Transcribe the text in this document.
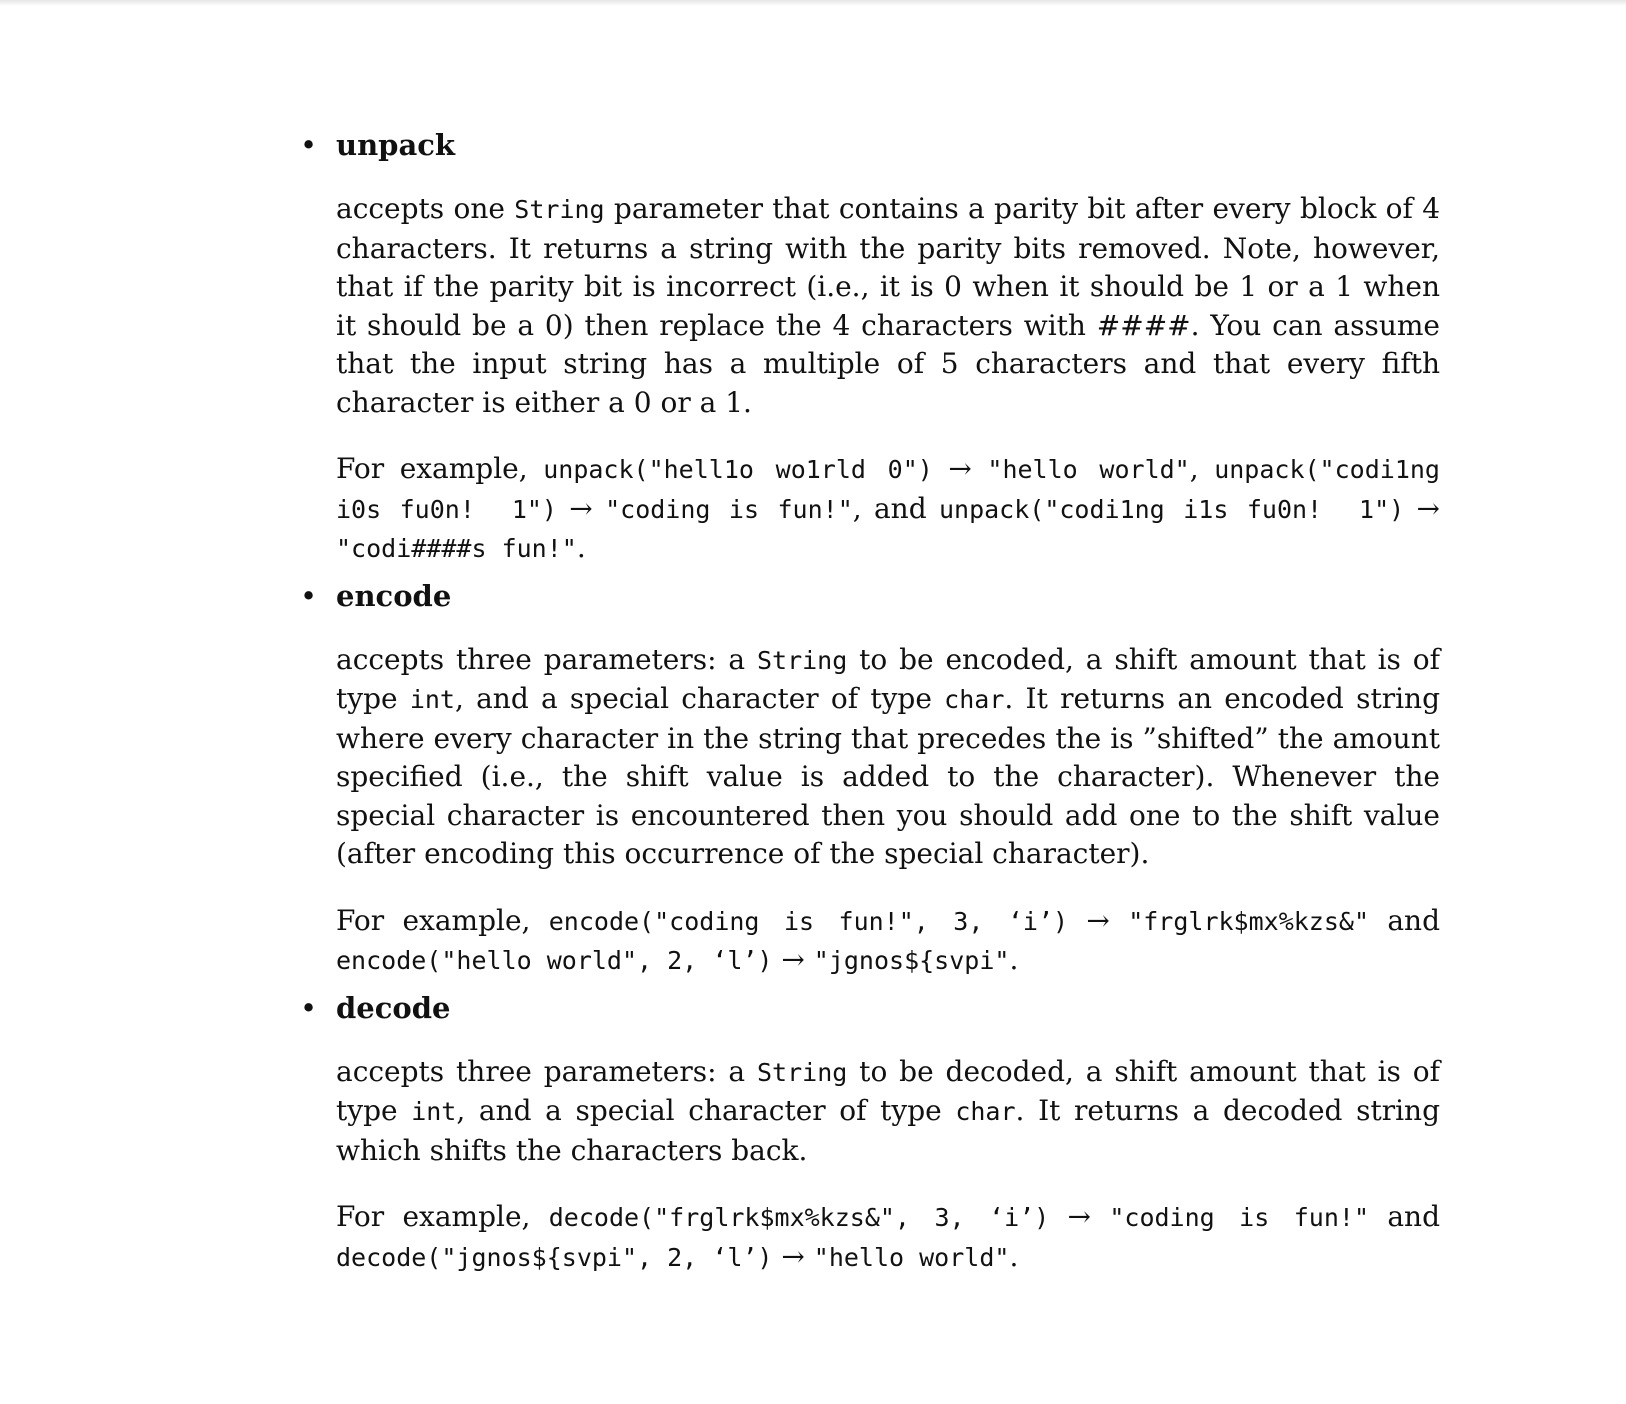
• unpack

accepts one String parameter that contains a parity bit after every block of 4 characters. It returns a string with the parity bits removed. Note, however, that if the parity bit is incorrect (i.e., it is 0 when it should be 1 or a 1 when it should be a 0) then replace the 4 characters with ####. You can assume that the input string has a multiple of 5 characters and that every fifth character is either a 0 or a 1.

For example, unpack("hell1o wo1rld 0") → "hello world", unpack("codi1ng i0s fu0n!  1") → "coding is fun!", and unpack("codi1ng i1s fu0n!  1") → "codi####s fun!".

• encode

accepts three parameters: a String to be encoded, a shift amount that is of type int, and a special character of type char. It returns an encoded string where every character in the string that precedes the is ”shifted” the amount specified (i.e., the shift value is added to the character). Whenever the special character is encountered then you should add one to the shift value (after encoding this occurrence of the special character).

For example, encode("coding is fun!", 3, ‘i’) → "frglrk$mx%kzs&" and encode("hello world", 2, ‘l’) → "jgnos${svpi".

• decode

accepts three parameters: a String to be decoded, a shift amount that is of type int, and a special character of type char. It returns a decoded string which shifts the characters back.

For example, decode("frglrk$mx%kzs&", 3, ‘i’) → "coding is fun!" and decode("jgnos${svpi", 2, ‘l’) → "hello world".
